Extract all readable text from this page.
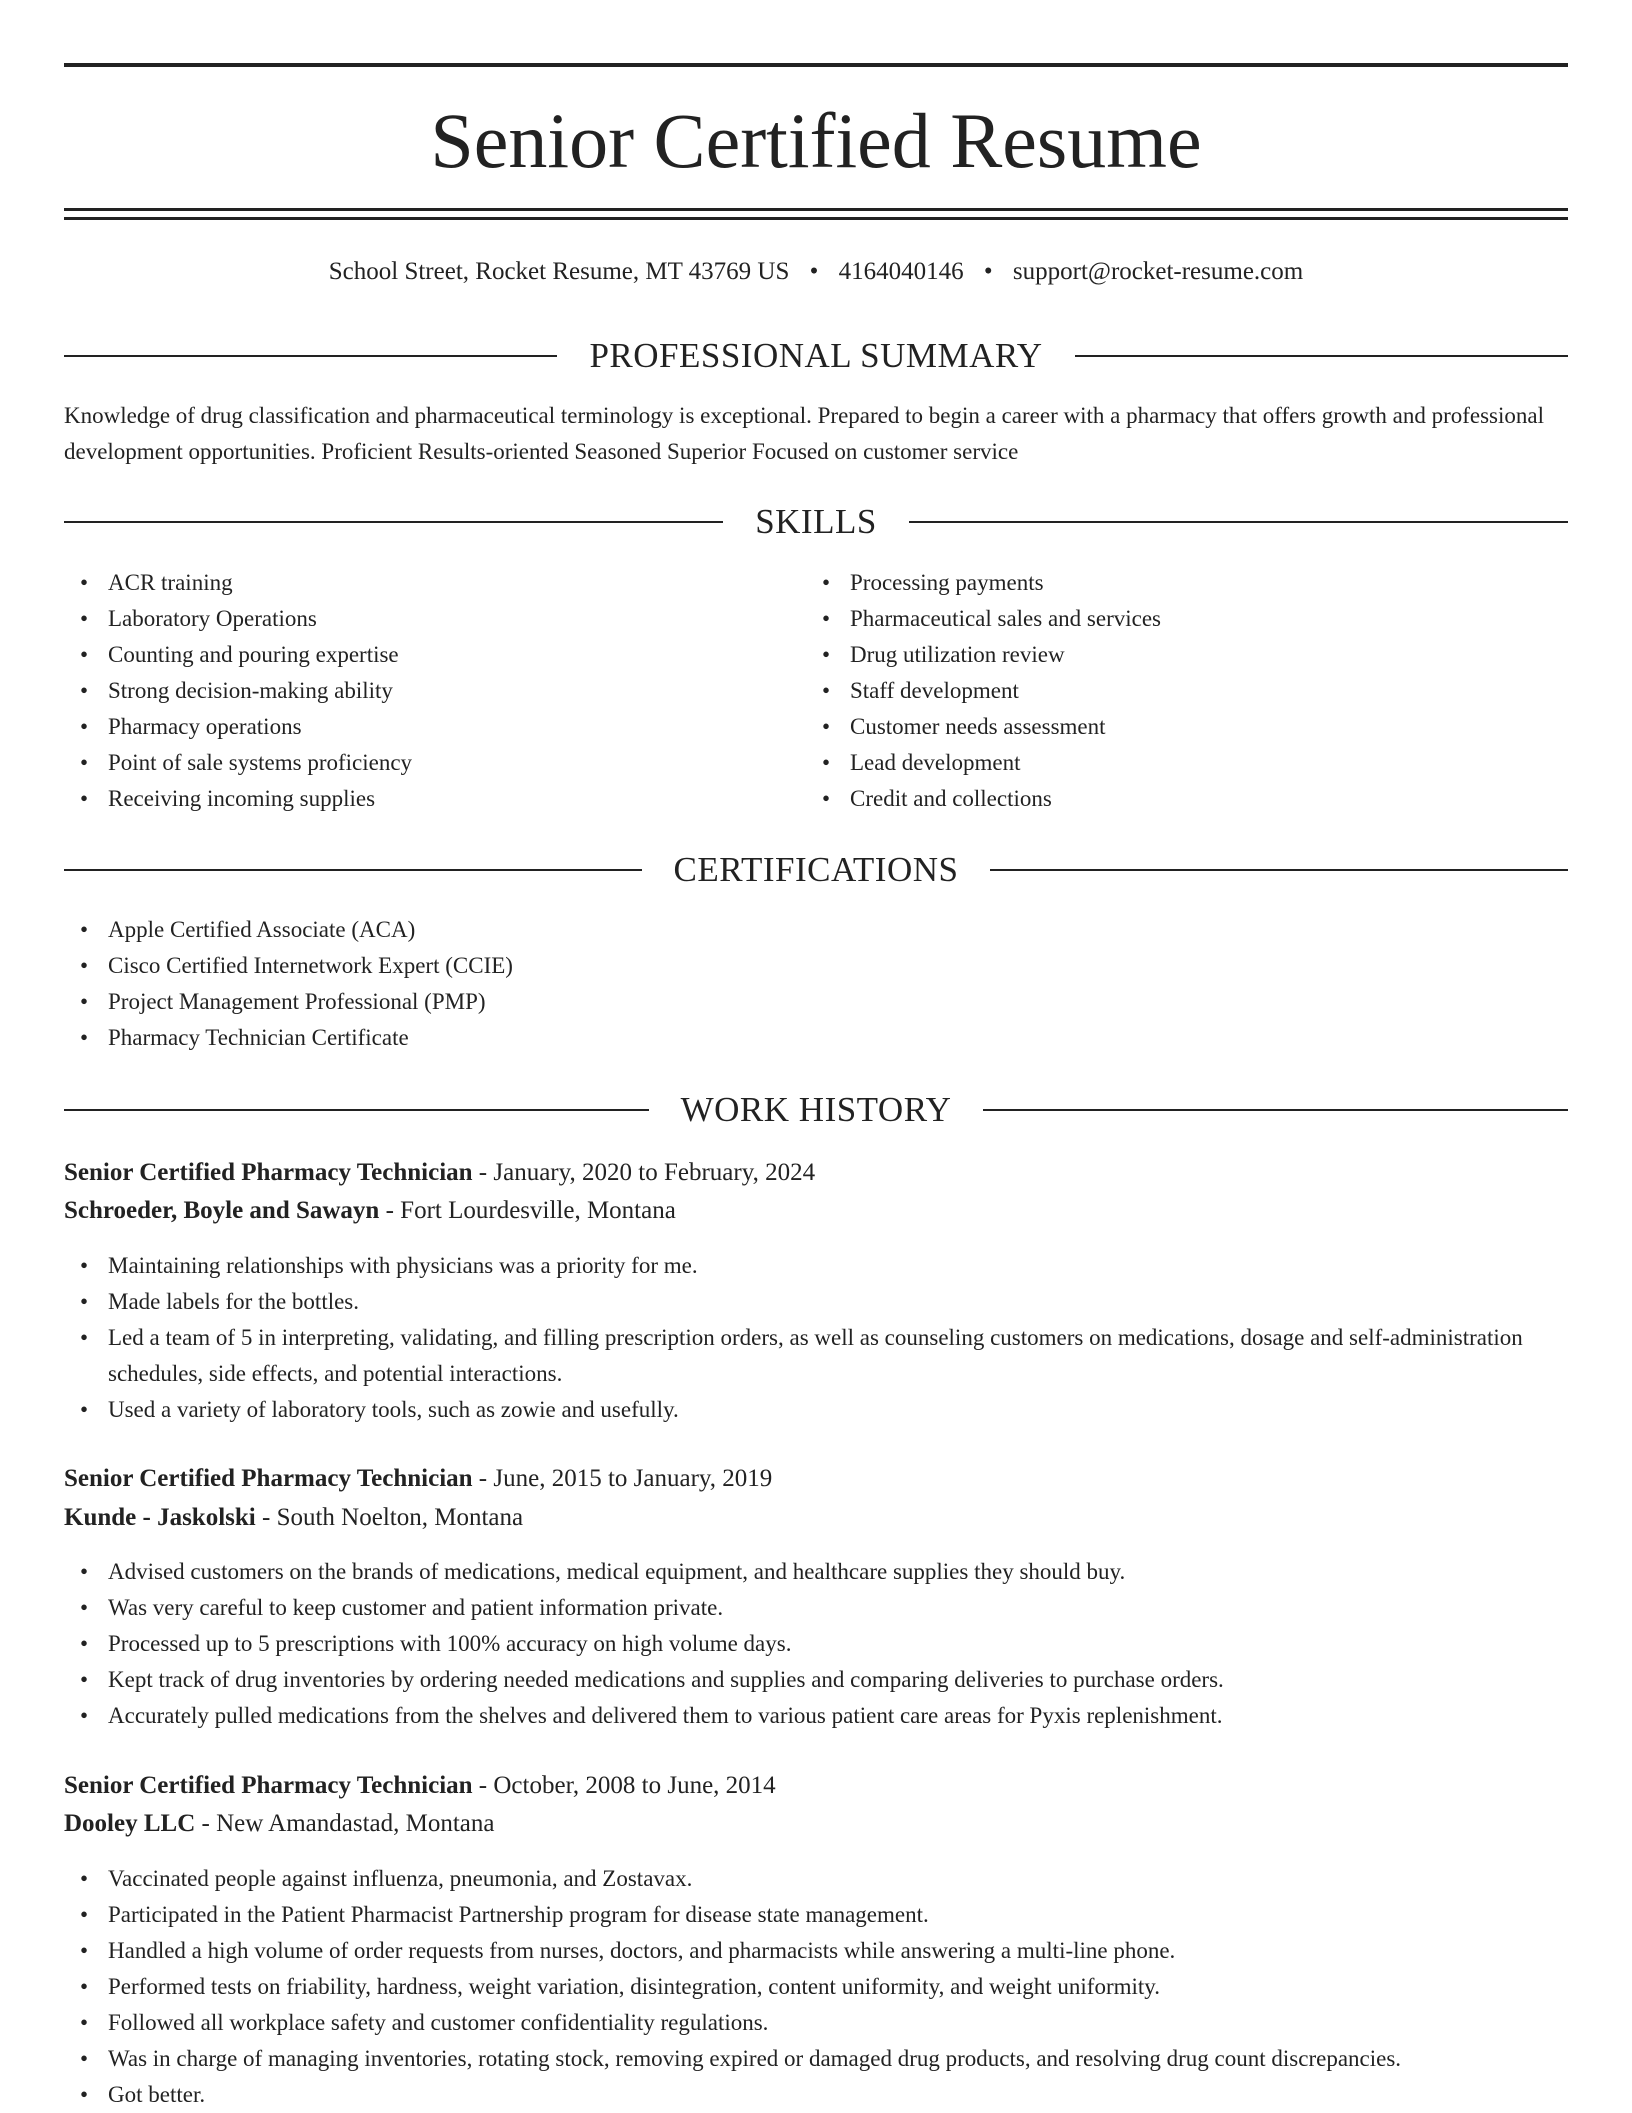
Senior Certified Resume
School Street, Rocket Resume, MT 43769 US • 4164040146 • support@rocket-resume.com
PROFESSIONAL SUMMARY
Knowledge of drug classification and pharmaceutical terminology is exceptional. Prepared to begin a career with a pharmacy that offers growth and professional development opportunities. Proficient Results-oriented Seasoned Superior Focused on customer service
SKILLS
• ACR training
• Laboratory Operations
• Counting and pouring expertise
• Strong decision-making ability
• Pharmacy operations
• Point of sale systems proficiency
• Receiving incoming supplies
• Processing payments
• Pharmaceutical sales and services
• Drug utilization review
• Staff development
• Customer needs assessment
• Lead development
• Credit and collections
CERTIFICATIONS
• Apple Certified Associate (ACA)
• Cisco Certified Internetwork Expert (CCIE)
• Project Management Professional (PMP)
• Pharmacy Technician Certificate
WORK HISTORY
Senior Certified Pharmacy Technician - January, 2020 to February, 2024
Schroeder, Boyle and Sawayn - Fort Lourdesville, Montana
• Maintaining relationships with physicians was a priority for me.
• Made labels for the bottles.
• Led a team of 5 in interpreting, validating, and filling prescription orders, as well as counseling customers on medications, dosage and self-administration schedules, side effects, and potential interactions.
• Used a variety of laboratory tools, such as zowie and usefully.
Senior Certified Pharmacy Technician - June, 2015 to January, 2019
Kunde - Jaskolski - South Noelton, Montana
• Advised customers on the brands of medications, medical equipment, and healthcare supplies they should buy.
• Was very careful to keep customer and patient information private.
• Processed up to 5 prescriptions with 100% accuracy on high volume days.
• Kept track of drug inventories by ordering needed medications and supplies and comparing deliveries to purchase orders.
• Accurately pulled medications from the shelves and delivered them to various patient care areas for Pyxis replenishment.
Senior Certified Pharmacy Technician - October, 2008 to June, 2014
Dooley LLC - New Amandastad, Montana
• Vaccinated people against influenza, pneumonia, and Zostavax.
• Participated in the Patient Pharmacist Partnership program for disease state management.
• Handled a high volume of order requests from nurses, doctors, and pharmacists while answering a multi-line phone.
• Performed tests on friability, hardness, weight variation, disintegration, content uniformity, and weight uniformity.
• Followed all workplace safety and customer confidentiality regulations.
• Was in charge of managing inventories, rotating stock, removing expired or damaged drug products, and resolving drug count discrepancies.
• Got better.
